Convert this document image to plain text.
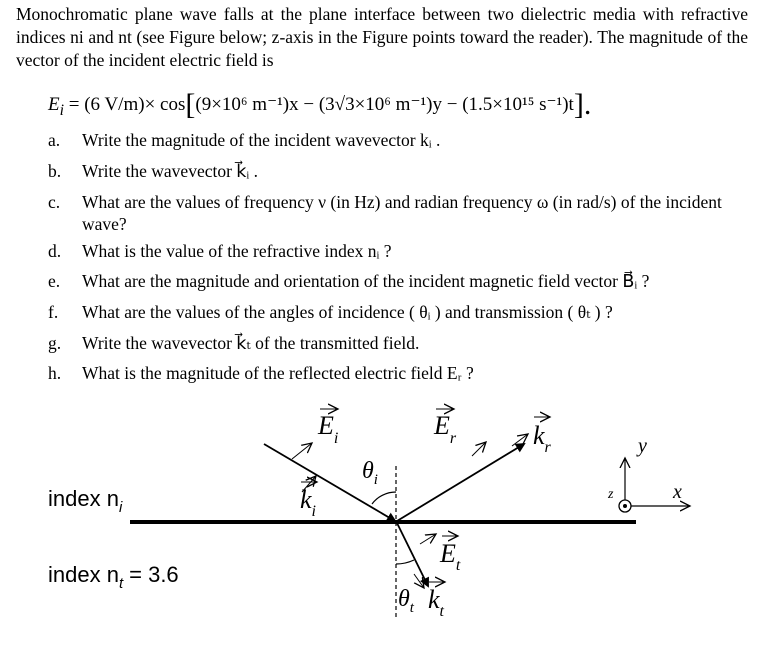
Monochromatic plane wave falls at the plane interface between two dielectric media with refractive indices ni and nt (see Figure below; z-axis in the Figure points toward the reader). The magnitude of the vector of the incident electric field is
$E_i = (6$ V/m)× cos[(9×10⁶ m⁻¹)x − (3√3×10⁶ m⁻¹)y − (1.5×10¹⁵ s⁻¹)t].
a. Write the magnitude of the incident wavevector kᵢ .
b. Write the wavevector k⃗ᵢ .
c. What are the values of frequency ν (in Hz) and radian frequency ω (in rad/s) of the incident wave?
d. What is the value of the refractive index nᵢ ?
e. What are the magnitude and orientation of the incident magnetic field vector B⃗ᵢ ?
f. What are the values of the angles of incidence ( θᵢ ) and transmission ( θₜ ) ?
g. Write the wavevector k⃗ₜ of the transmitted field.
h. What is the magnitude of the reflected electric field Eᵣ ?
index $n_i$
index $n_t = 3.6$
$E_i$	$E_r$	$k_r$
$k_i$
$\theta_i$
$E_t$
$\theta_t$ $k_t$
y
x
z
